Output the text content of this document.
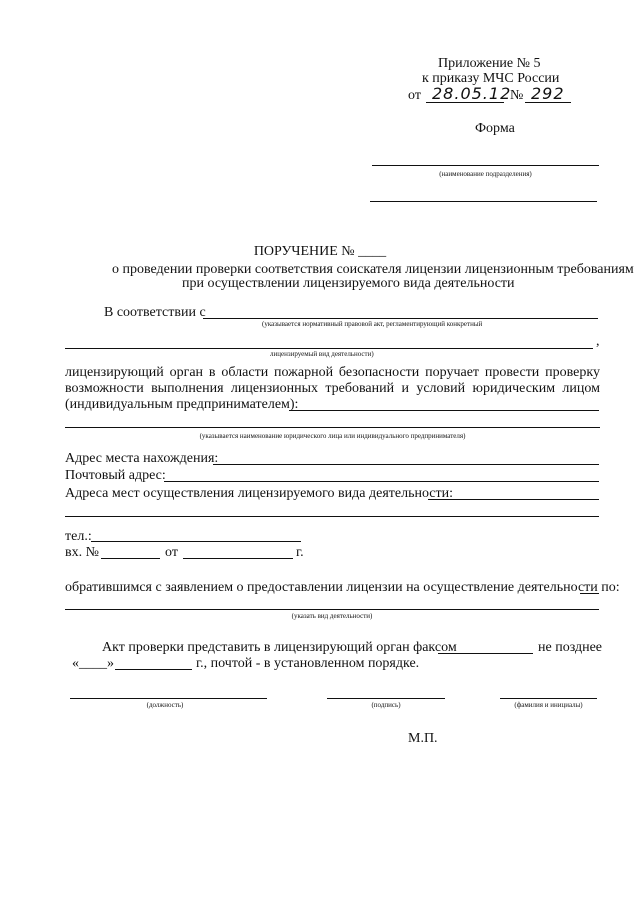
Приложение № 5
к приказу МЧС России
от 28.05.12
№ 292
Форма
(наименование подразделения)
ПОРУЧЕНИЕ № ____
о проведении проверки соответствия соискателя лицензии лицензионным требованиям
при осуществлении лицензируемого вида деятельности
В соответствии с
(указывается нормативный правовой акт, регламентирующий конкретный
,
лицензируемый вид деятельности)
лицензирующий орган в области пожарной безопасности поручает провести проверку
возможности выполнения лицензионных требований и условий юридическим лицом
(индивидуальным предпринимателем):
(указывается наименование юридического лица или индивидуального предпринимателя)
Адрес места нахождения:
Почтовый адрес:
Адреса мест осуществления лицензируемого вида деятельности:
тел.:
вх. №	от	г.
обратившимся с заявлением о предоставлении лицензии на осуществление деятельности по:
(указать вид деятельности)
Акт проверки представить в лицензирующий орган факсом	не позднее
«____»	г., почтой - в установленном порядке.
(должность)	(подпись)	(фамилия и инициалы)
М.П.
